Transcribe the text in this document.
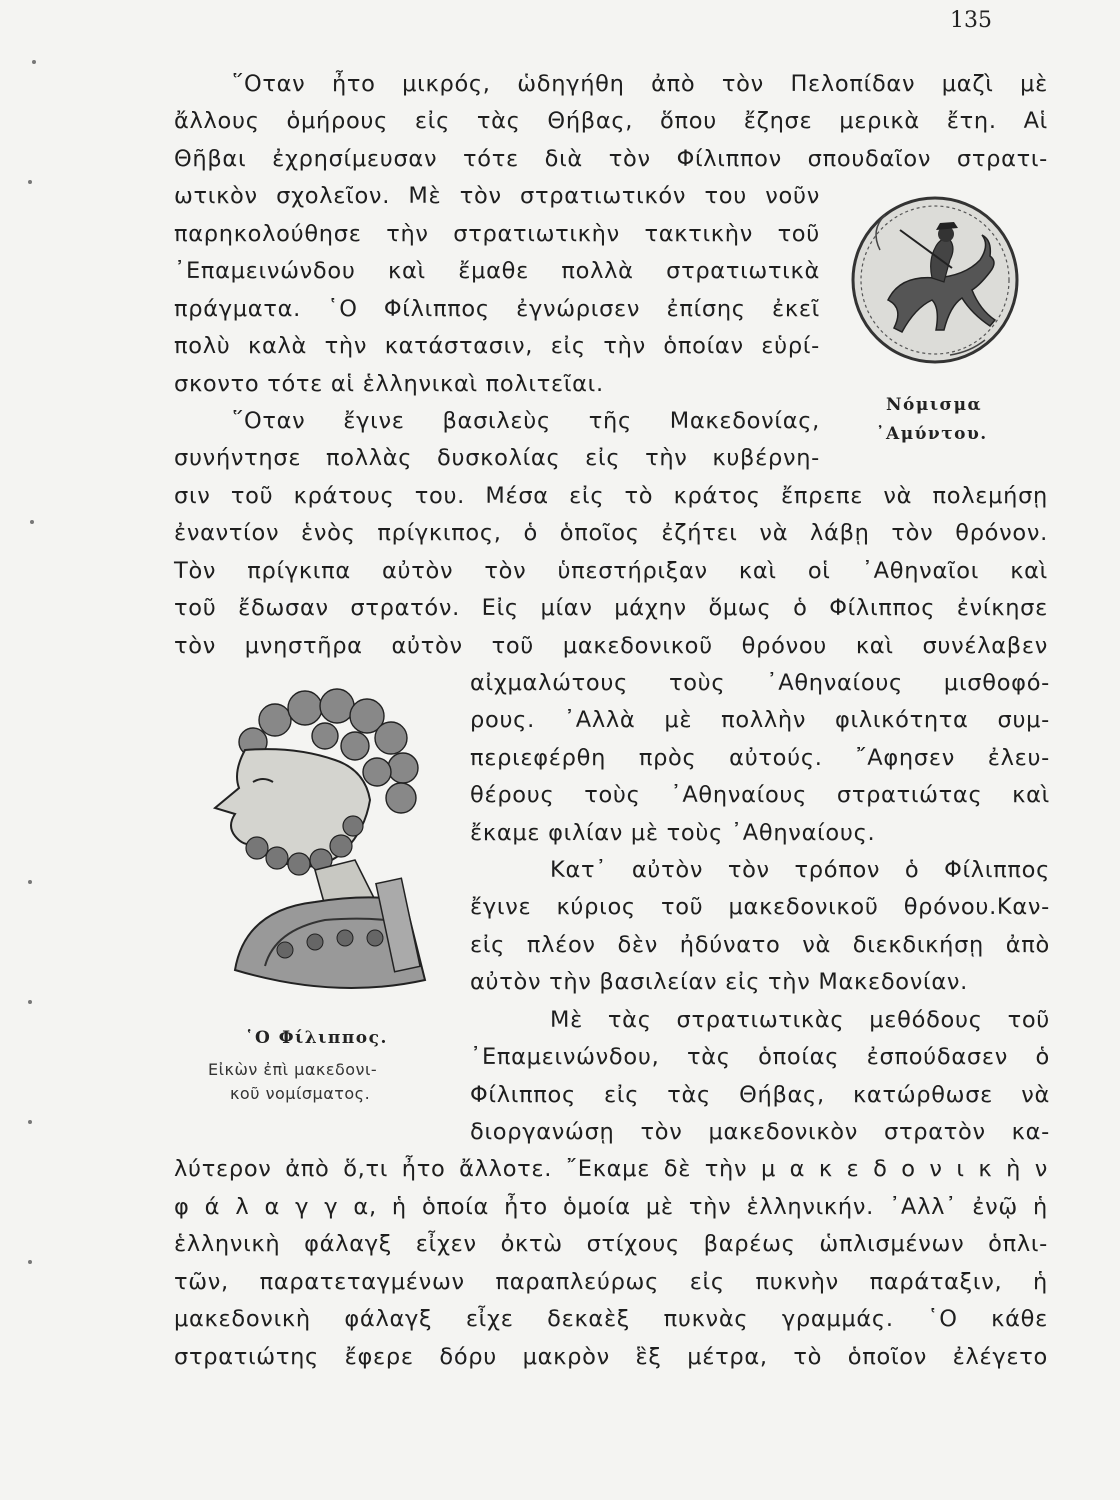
135
῞Οταν ἦτο μικρός, ὡδηγήθη ἀπὸ τὸν Πελοπίδαν μαζὶ μὲ
ἄλλους ὁμήρους εἰς τὰς Θήβας, ὅπου ἔζησε μερικὰ ἔτη. Αἱ
Θῆβαι ἐχρησίμευσαν τότε διὰ τὸν Φίλιππον σπουδαῖον στρατι-
ωτικὸν σχολεῖον. Μὲ τὸν στρατιωτικόν του νοῦν
παρηκολούθησε τὴν στρατιωτικὴν τακτικὴν τοῦ
᾿Επαμεινώνδου καὶ ἔμαθε πολλὰ στρατιωτικὰ
πράγματα. ῾Ο Φίλιππος ἐγνώρισεν ἐπίσης ἐκεῖ
πολὺ καλὰ τὴν κατάστασιν, εἰς τὴν ὁποίαν εὑρί-
σκοντο τότε αἱ ἑλληνικαὶ πολιτεῖαι.
῞Οταν ἔγινε βασιλεὺς τῆς Μακεδονίας,
συνήντησε πολλὰς δυσκολίας εἰς τὴν κυβέρνη-
σιν τοῦ κράτους του. Μέσα εἰς τὸ κράτος ἔπρεπε νὰ πολεμήσῃ
ἐναντίον ἑνὸς πρίγκιπος, ὁ ὁποῖος ἐζήτει νὰ λάβῃ τὸν θρόνον.
Τὸν πρίγκιπα αὐτὸν τὸν ὑπεστήριξαν καὶ οἱ ᾿Αθηναῖοι καὶ
τοῦ ἔδωσαν στρατόν. Εἰς μίαν μάχην ὅμως ὁ Φίλιππος ἐνίκησε
τὸν μνηστῆρα αὐτὸν τοῦ μακεδονικοῦ θρόνου καὶ συνέλαβεν
αἰχμαλώτους τοὺς ᾿Αθηναίους μισθοφό-
ρους. ᾿Αλλὰ μὲ πολλὴν φιλικότητα συμ-
περιεφέρθη πρὸς αὐτούς. ῎Αφησεν ἐλευ-
θέρους τοὺς ᾿Αθηναίους στρατιώτας καὶ
ἔκαμε φιλίαν μὲ τοὺς ᾿Αθηναίους.
Κατ᾿ αὐτὸν τὸν τρόπον ὁ Φίλιππος
ἔγινε κύριος τοῦ μακεδονικοῦ θρόνου.Καν-
εἰς πλέον δὲν ἠδύνατο νὰ διεκδικήσῃ ἀπὸ
αὐτὸν τὴν βασιλείαν εἰς τὴν Μακεδονίαν.
Μὲ τὰς στρατιωτικὰς μεθόδους τοῦ
᾿Επαμεινώνδου, τὰς ὁποίας ἐσπούδασεν ὁ
Φίλιππος εἰς τὰς Θήβας, κατώρθωσε νὰ
διοργανώσῃ τὸν μακεδονικὸν στρατὸν κα-
λύτερον ἀπὸ ὅ,τι ἦτο ἄλλοτε. ῎Εκαμε δὲ τὴν μ α κ ε δ ο ν ι κ ὴ ν
φ ά λ α γ γ α, ἡ ὁποία ἦτο ὁμοία μὲ τὴν ἑλληνικήν. ᾿Αλλ᾿ ἐνῷ ἡ
ἑλληνικὴ φάλαγξ εἶχεν ὀκτὼ στίχους βαρέως ὡπλισμένων ὁπλι-
τῶν, παρατεταγμένων παραπλεύρως εἰς πυκνὴν παράταξιν, ἡ
μακεδονικὴ φάλαγξ εἶχε δεκαὲξ πυκνὰς γραμμάς. ῾Ο κάθε
στρατιώτης ἔφερε δόρυ μακρὸν ἓξ μέτρα, τὸ ὁποῖον ἐλέγετο
Νόμισμα
᾿Αμύντου.
῾Ο Φίλιππος.
Εἰκὼν ἐπὶ μακεδονι-
κοῦ νομίσματος.
